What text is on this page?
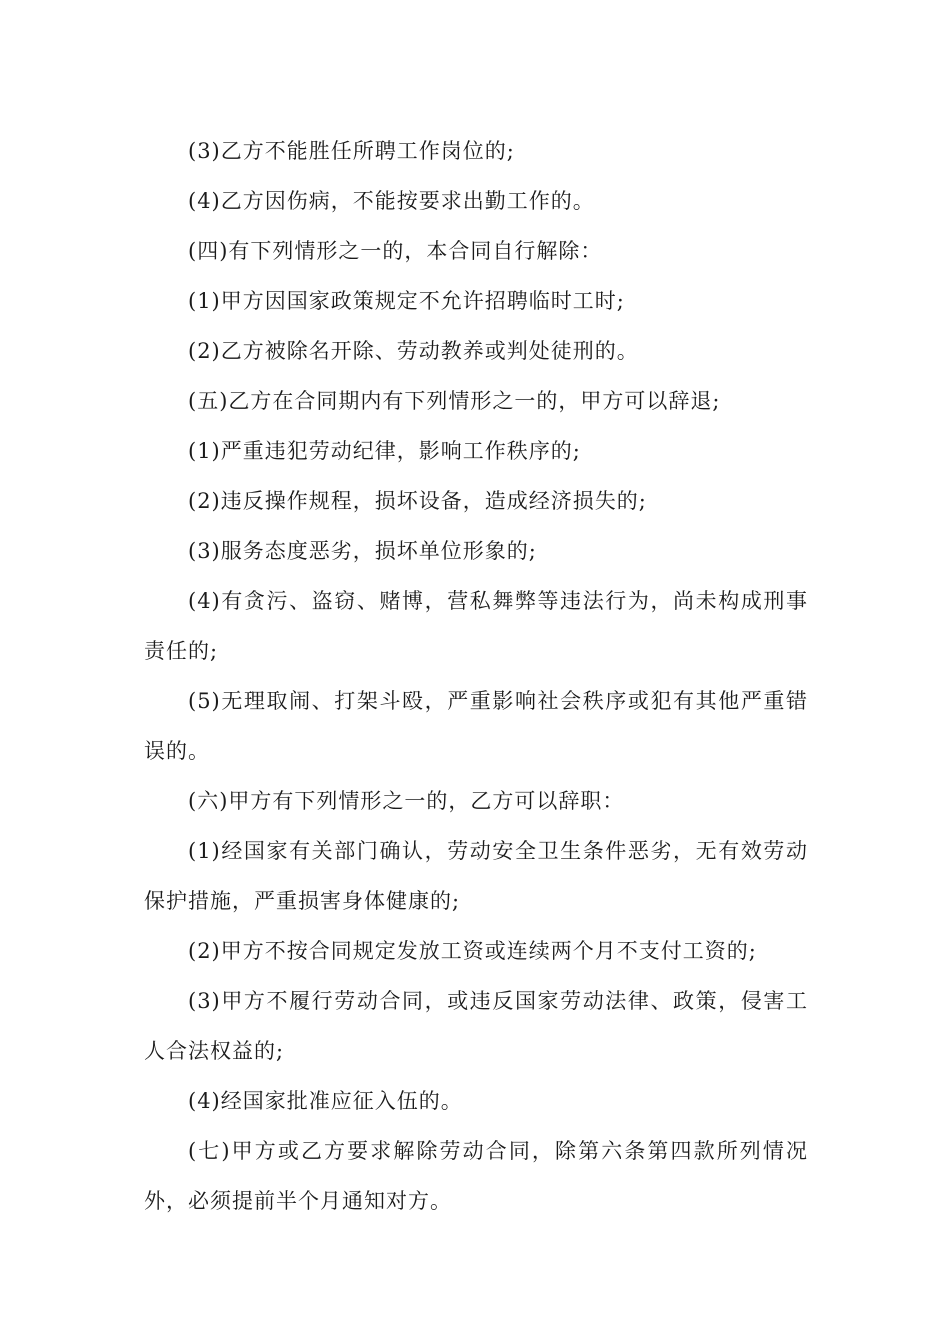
(3)乙方不能胜任所聘工作岗位的;

(4)乙方因伤病，不能按要求出勤工作的。

(四)有下列情形之一的，本合同自行解除：

(1)甲方因国家政策规定不允许招聘临时工时;

(2)乙方被除名开除、劳动教养或判处徒刑的。

(五)乙方在合同期内有下列情形之一的，甲方可以辞退;

(1)严重违犯劳动纪律，影响工作秩序的;

(2)违反操作规程，损坏设备，造成经济损失的;

(3)服务态度恶劣，损坏单位形象的;

(4)有贪污、盗窃、赌博，营私舞弊等违法行为，尚未构成刑事责任的;

(5)无理取闹、打架斗殴，严重影响社会秩序或犯有其他严重错误的。

(六)甲方有下列情形之一的，乙方可以辞职：

(1)经国家有关部门确认，劳动安全卫生条件恶劣，无有效劳动保护措施，严重损害身体健康的;

(2)甲方不按合同规定发放工资或连续两个月不支付工资的;

(3)甲方不履行劳动合同，或违反国家劳动法律、政策，侵害工人合法权益的;

(4)经国家批准应征入伍的。

(七)甲方或乙方要求解除劳动合同，除第六条第四款所列情况外，必须提前半个月通知对方。
